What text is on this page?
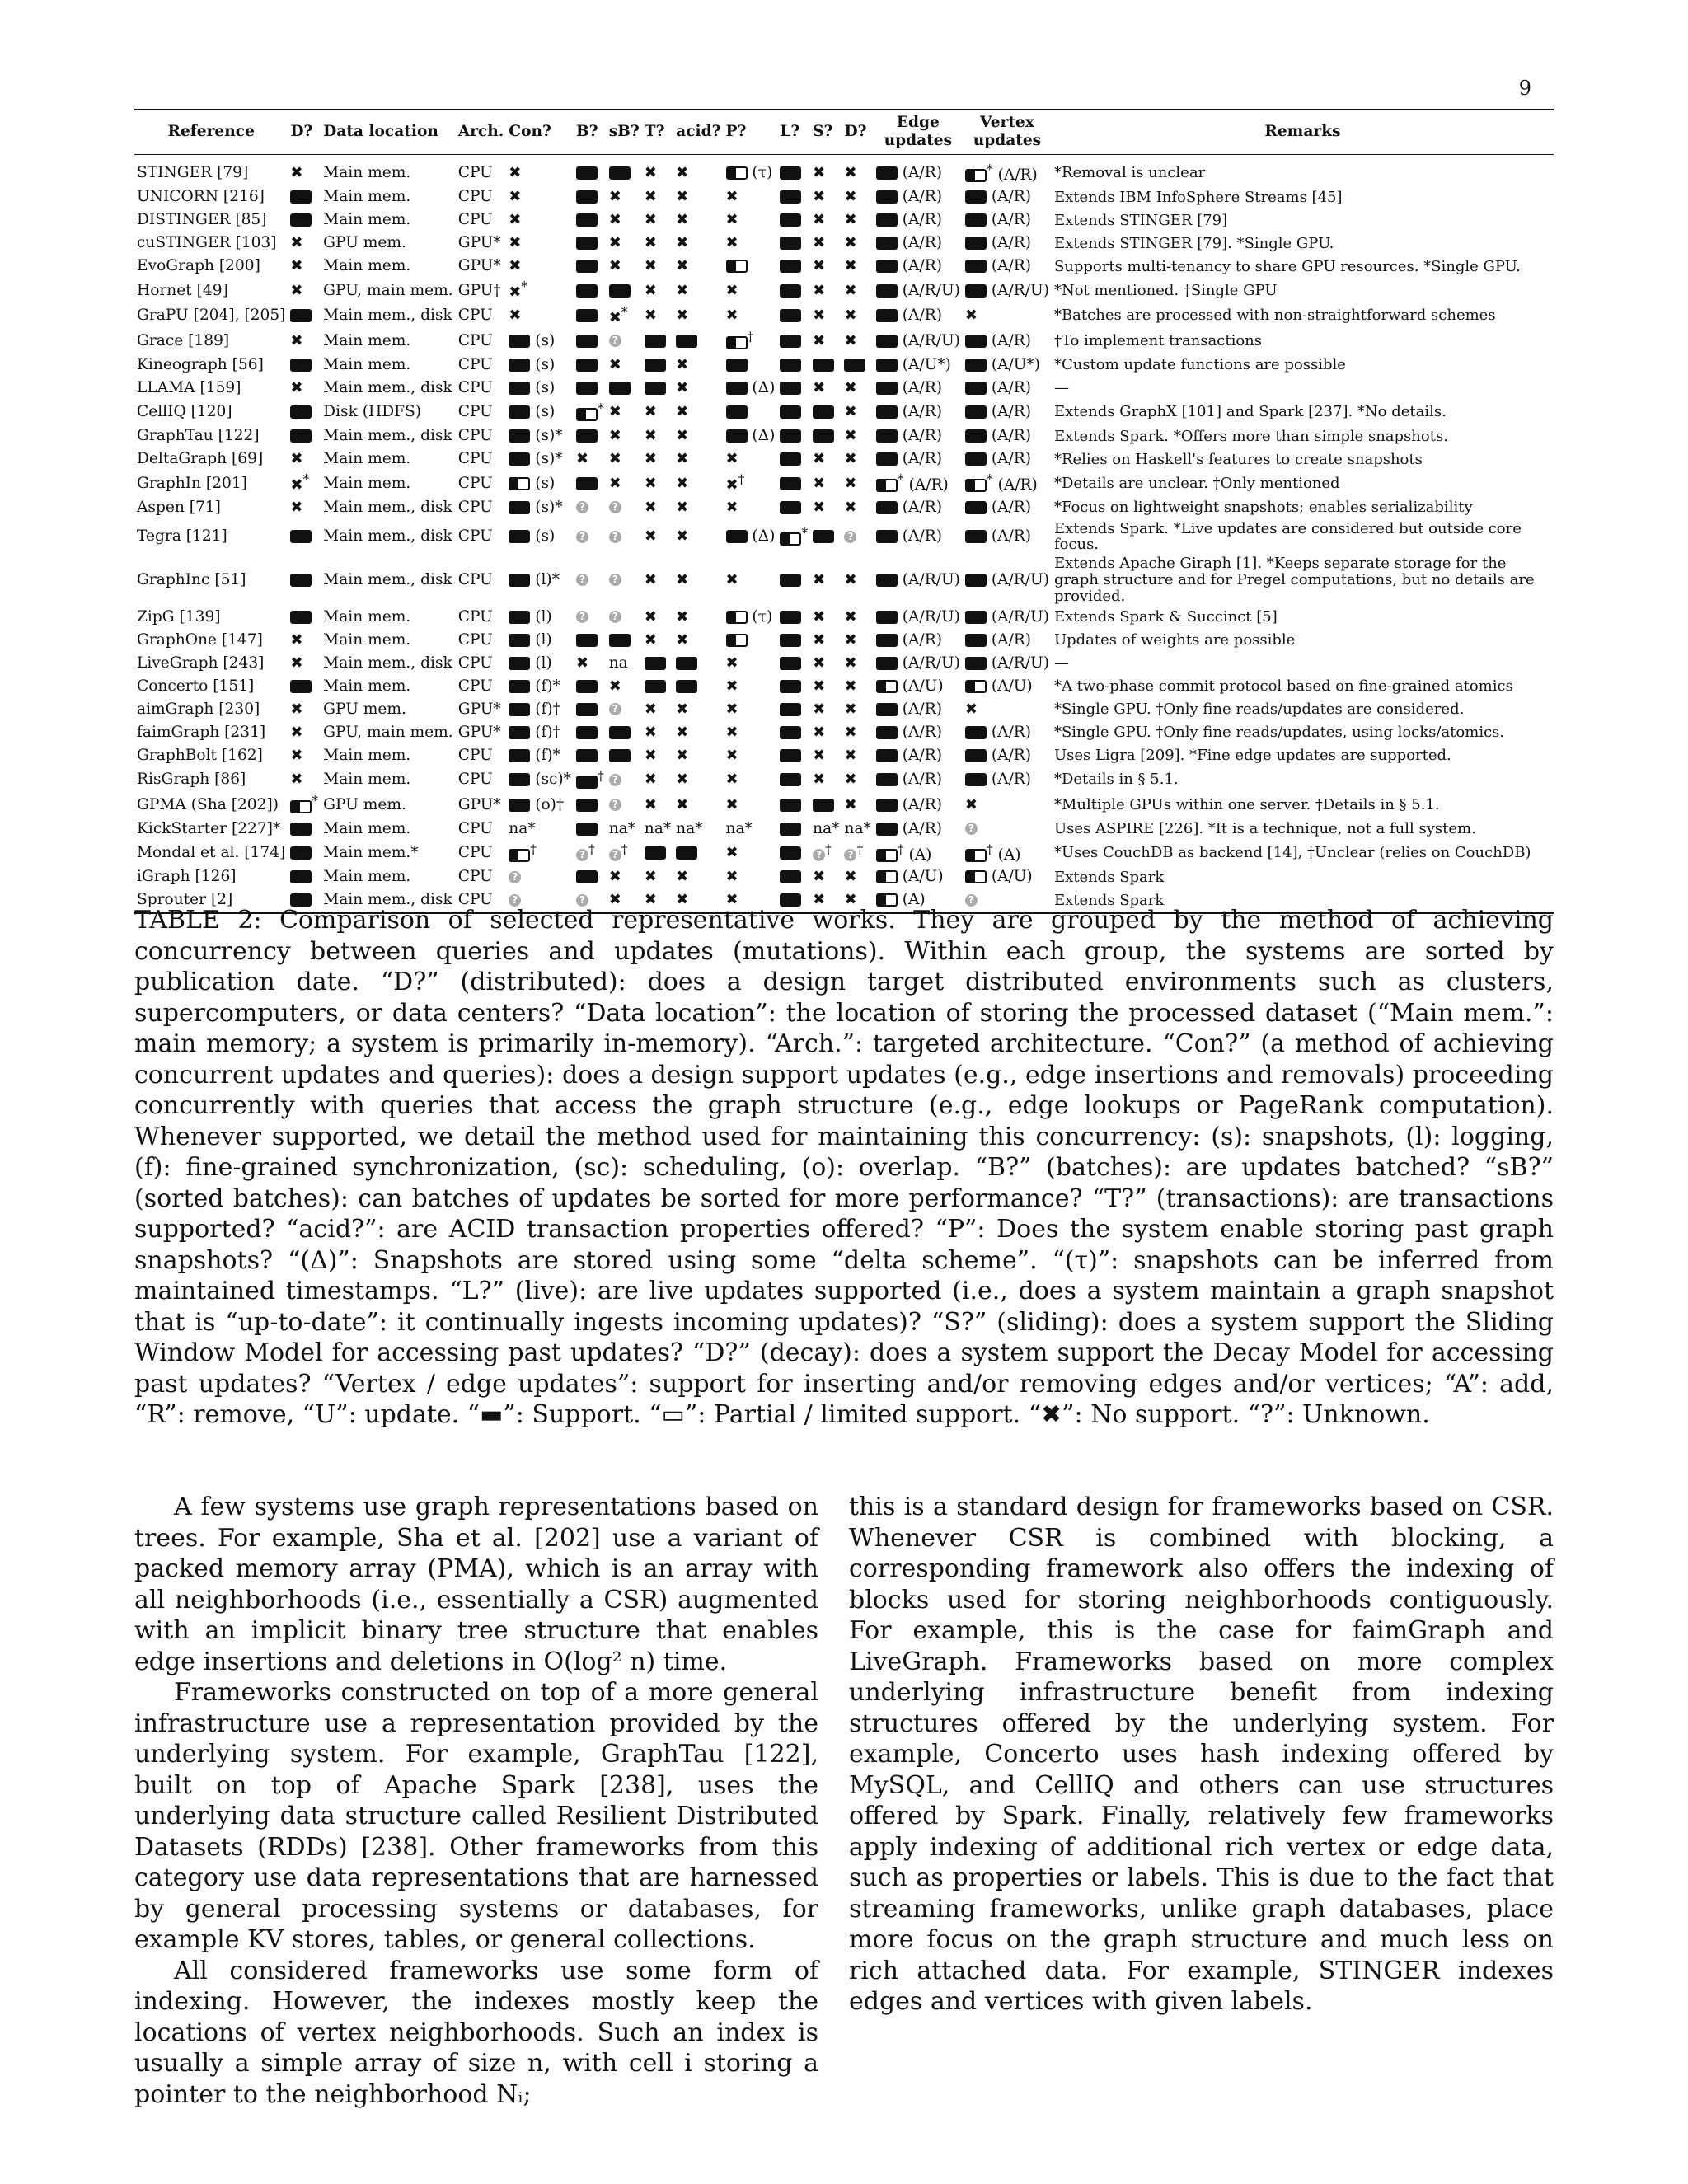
9
Reference	D?	Data location	Arch.	Con?	B?	sB?	T?	acid?	P?	L?	S?	D?	Edge updates	Vertex updates	Remarks
STINGER [79]	✖	Main mem.	CPU	✖			✖	✖	(τ)		✖	✖	(A/R)	* (A/R)	*Removal is unclear
UNICORN [216]		Main mem.	CPU	✖		✖	✖	✖	✖		✖	✖	(A/R)	(A/R)	Extends IBM InfoSphere Streams [45]
DISTINGER [85]		Main mem.	CPU	✖		✖	✖	✖	✖		✖	✖	(A/R)	(A/R)	Extends STINGER [79]
cuSTINGER [103]	✖	GPU mem.	GPU*	✖		✖	✖	✖	✖		✖	✖	(A/R)	(A/R)	Extends STINGER [79]. *Single GPU.
EvoGraph [200]	✖	Main mem.	GPU*	✖		✖	✖	✖			✖	✖	(A/R)	(A/R)	Supports multi-tenancy to share GPU resources. *Single GPU.
Hornet [49]	✖	GPU, main mem.	GPU†	✖*			✖	✖	✖		✖	✖	(A/R/U)	(A/R/U)	*Not mentioned. †Single GPU
GraPU [204], [205]		Main mem., disk	CPU	✖		✖*	✖	✖	✖		✖	✖	(A/R)	✖	*Batches are processed with non-straightforward schemes
Grace [189]	✖	Main mem.	CPU	(s)		?			†		✖	✖	(A/R/U)	(A/R)	†To implement transactions
Kineograph [56]		Main mem.	CPU	(s)		✖		✖					(A/U*)	(A/U*)	*Custom update functions are possible
LLAMA [159]	✖	Main mem., disk	CPU	(s)				✖	(Δ)		✖	✖	(A/R)	(A/R)	—
CellIQ [120]		Disk (HDFS)	CPU	(s)	*	✖	✖	✖				✖	(A/R)	(A/R)	Extends GraphX [101] and Spark [237]. *No details.
GraphTau [122]		Main mem., disk	CPU	(s)*		✖	✖	✖	(Δ)			✖	(A/R)	(A/R)	Extends Spark. *Offers more than simple snapshots.
DeltaGraph [69]	✖	Main mem.	CPU	(s)*	✖	✖	✖	✖	✖		✖	✖	(A/R)	(A/R)	*Relies on Haskell's features to create snapshots
GraphIn [201]	✖*	Main mem.	CPU	(s)		✖	✖	✖	✖†		✖	✖	* (A/R)	* (A/R)	*Details are unclear. †Only mentioned
Aspen [71]	✖	Main mem., disk	CPU	(s)*	?	?	✖	✖	✖		✖	✖	(A/R)	(A/R)	*Focus on lightweight snapshots; enables serializability
Tegra [121]		Main mem., disk	CPU	(s)	?	?	✖	✖	(Δ)	*		?	(A/R)	(A/R)	Extends Spark. *Live updates are considered but outside core focus.
GraphInc [51]		Main mem., disk	CPU	(l)*	?	?	✖	✖	✖		✖	✖	(A/R/U)	(A/R/U)	Extends Apache Giraph [1]. *Keeps separate storage for the graph structure and for Pregel computations, but no details are provided.
ZipG [139]		Main mem.	CPU	(l)	?	?	✖	✖	(τ)		✖	✖	(A/R/U)	(A/R/U)	Extends Spark & Succinct [5]
GraphOne [147]	✖	Main mem.	CPU	(l)			✖	✖			✖	✖	(A/R)	(A/R)	Updates of weights are possible
LiveGraph [243]	✖	Main mem., disk	CPU	(l)	✖	na			✖		✖	✖	(A/R/U)	(A/R/U)	—
Concerto [151]		Main mem.	CPU	(f)*		✖			✖		✖	✖	(A/U)	(A/U)	*A two-phase commit protocol based on fine-grained atomics
aimGraph [230]	✖	GPU mem.	GPU*	(f)†		?	✖	✖	✖		✖	✖	(A/R)	✖	*Single GPU. †Only fine reads/updates are considered.
faimGraph [231]	✖	GPU, main mem.	GPU*	(f)†			✖	✖	✖		✖	✖	(A/R)	(A/R)	*Single GPU. †Only fine reads/updates, using locks/atomics.
GraphBolt [162]	✖	Main mem.	CPU	(f)*			✖	✖	✖		✖	✖	(A/R)	(A/R)	Uses Ligra [209]. *Fine edge updates are supported.
RisGraph [86]	✖	Main mem.	CPU	(sc)*	†	?	✖	✖	✖		✖	✖	(A/R)	(A/R)	*Details in § 5.1.
GPMA (Sha [202])	*	GPU mem.	GPU*	(o)†		?	✖	✖	✖			✖	(A/R)	✖	*Multiple GPUs within one server. †Details in § 5.1.
KickStarter [227]*		Main mem.	CPU	na*		na*	na*	na*	na*		na*	na*	(A/R)	?	Uses ASPIRE [226]. *It is a technique, not a full system.
Mondal et al. [174]		Main mem.*	CPU	†	? †	? †			✖		? †	? †	† (A)	† (A)	*Uses CouchDB as backend [14], †Unclear (relies on CouchDB)
iGraph [126]		Main mem.	CPU	?		✖	✖	✖	✖		✖	✖	(A/U)	(A/U)	Extends Spark
Sprouter [2]		Main mem., disk	CPU	?	?	✖	✖	✖	✖		✖	✖	(A)	?	Extends Spark
TABLE 2: Comparison of selected representative works. They are grouped by the method of achieving concurrency between queries and updates (mutations). Within each group, the systems are sorted by publication date. “D?” (distributed): does a design target distributed environments such as clusters, supercomputers, or data centers? “Data location”: the location of storing the processed dataset (“Main mem.”: main memory; a system is primarily in-memory). “Arch.”: targeted architecture. “Con?” (a method of achieving concurrent updates and queries): does a design support updates (e.g., edge insertions and removals) proceeding concurrently with queries that access the graph structure (e.g., edge lookups or PageRank computation). Whenever supported, we detail the method used for maintaining this concurrency: (s): snapshots, (l): logging, (f): fine-grained synchronization, (sc): scheduling, (o): overlap. “B?” (batches): are updates batched? “sB?” (sorted batches): can batches of updates be sorted for more performance? “T?” (transactions): are transactions supported? “acid?”: are ACID transaction properties offered? “P”: Does the system enable storing past graph snapshots? “(Δ)”: Snapshots are stored using some “delta scheme”. “(τ)”: snapshots can be inferred from maintained timestamps. “L?” (live): are live updates supported (i.e., does a system maintain a graph snapshot that is “up-to-date”: it continually ingests incoming updates)? “S?” (sliding): does a system support the Sliding Window Model for accessing past updates? “D?” (decay): does a system support the Decay Model for accessing past updates? “Vertex / edge updates”: support for inserting and/or removing edges and/or vertices; “A”: add, “R”: remove, “U”: update. “▬”: Support. “▭”: Partial / limited support. “✖”: No support. “?”: Unknown.

A few systems use graph representations based on trees. For example, Sha et al. [202] use a variant of packed memory array (PMA), which is an array with all neighborhoods (i.e., essentially a CSR) augmented with an implicit binary tree structure that enables edge insertions and deletions in O(log² n) time.

Frameworks constructed on top of a more general infrastructure use a representation provided by the underlying system. For example, GraphTau [122], built on top of Apache Spark [238], uses the underlying data structure called Resilient Distributed Datasets (RDDs) [238]. Other frameworks from this category use data representations that are harnessed by general processing systems or databases, for example KV stores, tables, or general collections.

All considered frameworks use some form of indexing. However, the indexes mostly keep the locations of vertex neighborhoods. Such an index is usually a simple array of size n, with cell i storing a pointer to the neighborhood Nᵢ;

this is a standard design for frameworks based on CSR. Whenever CSR is combined with blocking, a corresponding framework also offers the indexing of blocks used for storing neighborhoods contiguously. For example, this is the case for faimGraph and LiveGraph. Frameworks based on more complex underlying infrastructure benefit from indexing structures offered by the underlying system. For example, Concerto uses hash indexing offered by MySQL, and CellIQ and others can use structures offered by Spark. Finally, relatively few frameworks apply indexing of additional rich vertex or edge data, such as properties or labels. This is due to the fact that streaming frameworks, unlike graph databases, place more focus on the graph structure and much less on rich attached data. For example, STINGER indexes edges and vertices with given labels.
